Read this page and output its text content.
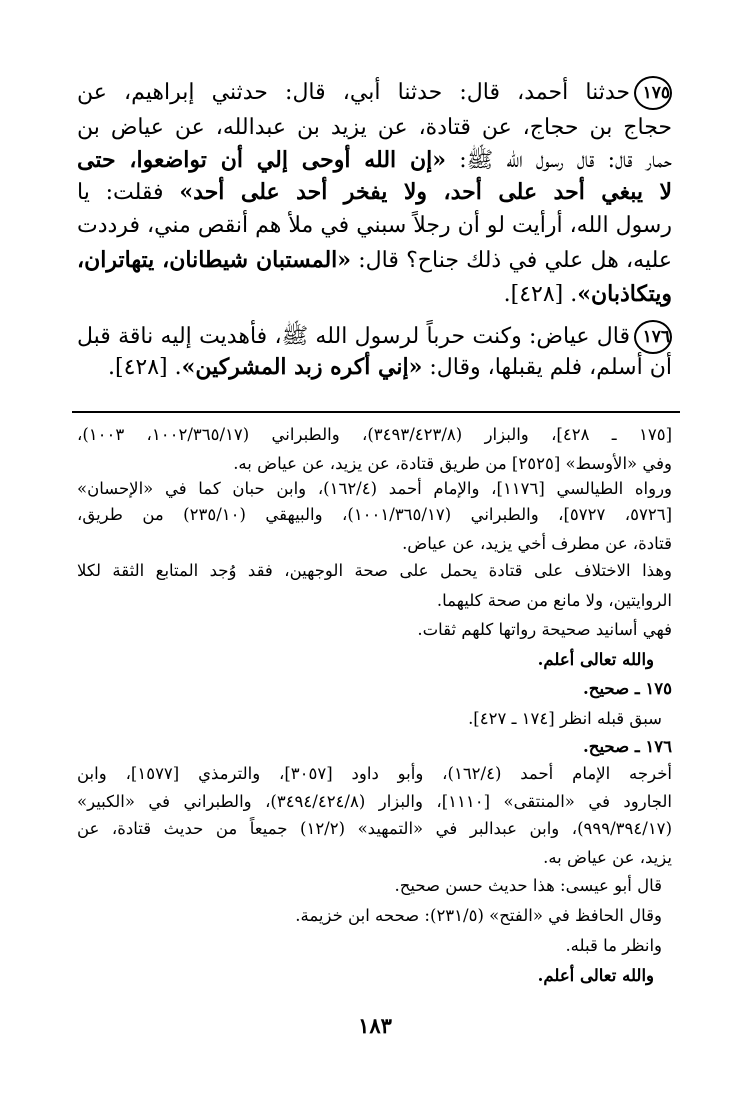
١٧٥حدثنا أحمد، قال: حدثنا أبي، قال: حدثني إبراهيم، عن
حجاج بن حجاج، عن قتادة، عن يزيد بن عبدالله، عن عياض بن
حمار قال: قال رسول الله ﷺ: «إن الله أوحى إلي أن تواضعوا، حتى
لا يبغي أحد على أحد، ولا يفخر أحد على أحد» فقلت: يا
رسول الله، أرأيت لو أن رجلاً سبني في ملأ هم أنقص مني، فرددت
عليه، هل علي في ذلك جناح؟ قال: «المستبان شيطانان، يتهاتران،
ويتكاذبان». [٤٢٨].
١٧٦قال عياض: وكنت حرباً لرسول الله ﷺ، فأهديت إليه ناقة قبل
أن أسلم، فلم يقبلها، وقال: «إني أكره زبد المشركين». [٤٢٨].
[١٧٥ ـ ٤٢٨]، والبزار (٣٤٩٣/٤٢٣/٨)، والطبراني (١٠٠٢/٣٦٥/١٧، ١٠٠٣)،
وفي «الأوسط» [٢٥٢٥] من طريق قتادة، عن يزيد، عن عياض به.
ورواه الطيالسي [١١٧٦]، والإمام أحمد (١٦٢/٤)، وابن حبان كما في «الإحسان»
[٥٧٢٦، ٥٧٢٧]، والطبراني (١٠٠١/٣٦٥/١٧)، والبيهقي (٢٣٥/١٠) من طريق،
قتادة، عن مطرف أخي يزيد، عن عياض.
وهذا الاختلاف على قتادة يحمل على صحة الوجهين، فقد وُجد المتابع الثقة لكلا
الروايتين، ولا مانع من صحة كليهما.
فهي أسانيد صحيحة رواتها كلهم ثقات.
والله تعالى أعلم.
١٧٥ ـ صحيح.
سبق قبله انظر [١٧٤ ـ ٤٢٧].
١٧٦ ـ صحيح.
أخرجه الإمام أحمد (١٦٢/٤)، وأبو داود [٣٠٥٧]، والترمذي [١٥٧٧]، وابن
الجارود في «المنتقى» [١١١٠]، والبزار (٣٤٩٤/٤٢٤/٨)، والطبراني في «الكبير»
(٩٩٩/٣٩٤/١٧)، وابن عبدالبر في «التمهيد» (١٢/٢) جميعاً من حديث قتادة، عن
يزيد، عن عياض به.
قال أبو عيسى: هذا حديث حسن صحيح.
وقال الحافظ في «الفتح» (٢٣١/٥): صححه ابن خزيمة.
وانظر ما قبله.
والله تعالى أعلم.
١٨٣
